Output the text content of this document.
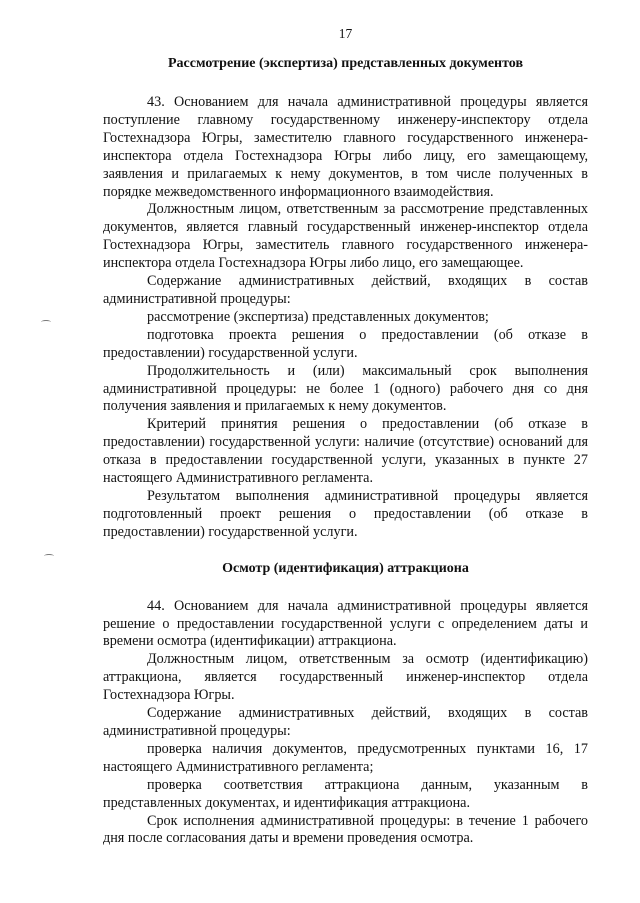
17
Рассмотрение (экспертиза) представленных документов

43. Основанием для начала административной процедуры является поступление главному государственному инженеру-инспектору отдела Гостехнадзора Югры, заместителю главного государственного инженера-инспектора отдела Гостехнадзора Югры либо лицу, его замещающему, заявления и прилагаемых к нему документов, в том числе полученных в порядке межведомственного информационного взаимодействия.

Должностным лицом, ответственным за рассмотрение представленных документов, является главный государственный инженер-инспектор отдела Гостехнадзора Югры, заместитель главного государственного инженера-инспектора отдела Гостехнадзора Югры либо лицо, его замещающее.

Содержание административных действий, входящих в состав административной процедуры:

рассмотрение (экспертиза) представленных документов;

подготовка проекта решения о предоставлении (об отказе в предоставлении) государственной услуги.

Продолжительность и (или) максимальный срок выполнения административной процедуры: не более 1 (одного) рабочего дня со дня получения заявления и прилагаемых к нему документов.

Критерий принятия решения о предоставлении (об отказе в предоставлении) государственной услуги: наличие (отсутствие) оснований для отказа в предоставлении государственной услуги, указанных в пункте 27 настоящего Административного регламента.

Результатом выполнения административной процедуры является подготовленный проект решения о предоставлении (об отказе в предоставлении) государственной услуги.

Осмотр (идентификация) аттракциона

44. Основанием для начала административной процедуры является решение о предоставлении государственной услуги с определением даты и времени осмотра (идентификации) аттракциона.

Должностным лицом, ответственным за осмотр (идентификацию) аттракциона, является государственный инженер-инспектор отдела Гостехнадзора Югры.

Содержание административных действий, входящих в состав административной процедуры:

проверка наличия документов, предусмотренных пунктами 16, 17 настоящего Административного регламента;

проверка соответствия аттракциона данным, указанным в представленных документах, и идентификация аттракциона.

Срок исполнения административной процедуры: в течение 1 рабочего дня после согласования даты и времени проведения осмотра.
